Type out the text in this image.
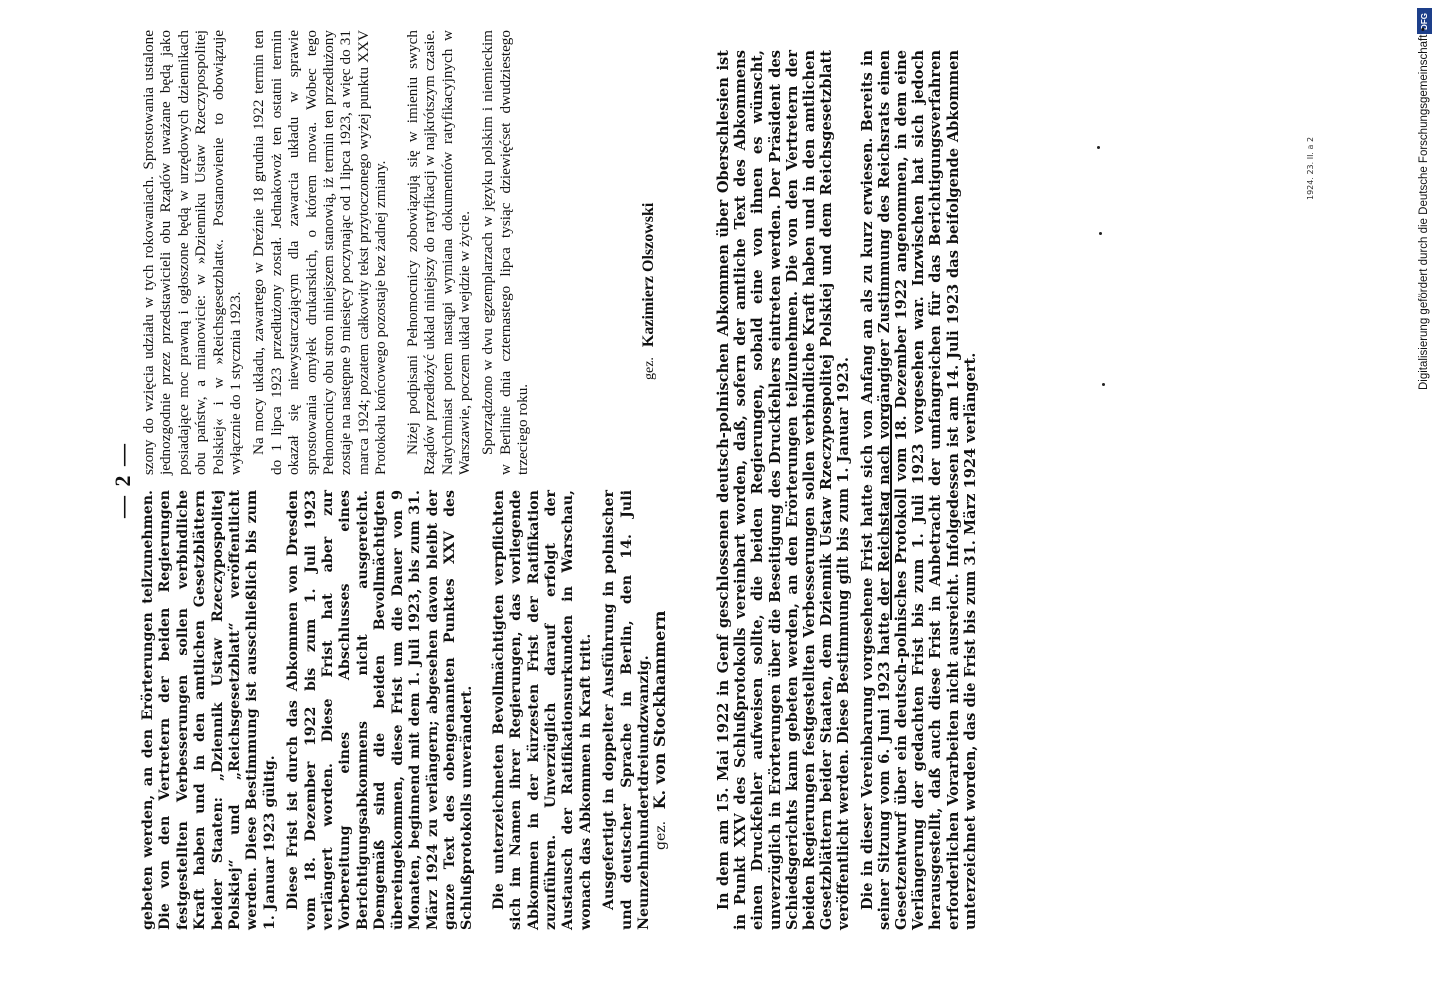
— 2 —

gebeten werden, an den Erörterungen teilzunehmen. Die von den Vertretern der beiden Regierungen festgestellten Verbesserungen sollen verbindliche Kraft haben und in den amtlichen Gesetzblättern beider Staaten: „Dziennik Ustaw Rzeczypospolitej Polskiej“ und „Reichsgesetzblatt“ veröffentlicht werden. Diese Bestimmung ist ausschließlich bis zum 1. Januar 1923 gültig. Diese Frist ist durch das Abkommen von Dresden vom 18. Dezember 1922 bis zum 1. Juli 1923 verlängert worden. Diese Frist hat aber zur Vorbereitung eines Abschlusses eines Berichtigungsabkommens nicht ausgereicht. Demgemäß sind die beiden Bevollmächtigten übereingekommen, diese Frist um die Dauer von 9 Monaten, beginnend mit dem 1. Juli 1923, bis zum 31. März 1924 zu verlängern; abgesehen davon bleibt der ganze Text des obengenannten Punktes XXV des Schlußprotokolls unverändert. Die unterzeichneten Bevollmächtigten verpflichten sich im Namen ihrer Regierungen, das vorliegende Abkommen in der kürzesten Frist der Ratifikation zuzuführen. Unverzüglich darauf erfolgt der Austausch der Ratifikationsurkunden in Warschau, wonach das Abkommen in Kraft tritt. Ausgefertigt in doppelter Ausführung in polnischer und deutscher Sprache in Berlin, den 14. Juli Neunzehnhundertdreiundzwanzig.

szony do wzięcia udziału w tych rokowaniach. Sprostowania ustalone jednozgodnie przez przedstawicieli obu Rządów uważane będą jako posiadające moc prawną i ogłoszone będą w urzędowych dziennikach obu państw, a mianowicie: w »Dzienniku Ustaw Rzeczypospolitej Polskiej« i w »Reichsgesetzblatt«. Postanowienie to obowiązuje wyłącznie do 1 stycznia 1923. Na mocy układu, zawartego w Dreźnie 18 grudnia 1922 termin ten do 1 lipca 1923 przedłużony został. Jednakowoż ten ostatni termin okazał się niewystarczającym dla zawarcia układu w sprawie sprostowania omyłek drukarskich, o którem mowa. Wobec tego Pełnomocnicy obu stron niniejszem stanowią, iż termin ten przedłużony zostaje na następne 9 miesięcy poczynając od 1 lipca 1923, a więc do 31 marca 1924; pozatem całkowity tekst przytoczonego wyżej punktu XXV Protokołu końcowego pozostaje bez żadnej zmiany. Niżej podpisani Pełnomocnicy zobowiązują się w imieniu swych Rządów przedłożyć układ niniejszy do ratyfikacji w najkrótszym czasie. Natychmiast potem nastąpi wymiana dokumentów ratyfikacyjnych w Warszawie, poczem układ wejdzie w życie. Sporządzono w dwu egzemplarzach w języku polskim i niemieckim w Berlinie dnia czternastego lipca tysiąc dziewięćset dwudziestego trzeciego roku.

gez. K. von Stockhammern
gez. Kazimierz Olszowski	In dem am 15. Mai 1922 in Genf geschlossenen deutsch-polnischen Abkommen über Oberschlesien ist in Punkt XXV des Schlußprotokolls vereinbart worden, daß, sofern der amtliche Text des Abkommens einen Druckfehler aufweisen sollte, die beiden Regierungen, sobald eine von ihnen es wünscht, unverzüglich in Erörterungen über die Beseitigung des Druckfehlers eintreten werden. Der Präsident des Schiedsgerichts kann gebeten werden, an den Erörterungen teilzunehmen. Die von den Vertretern der beiden Regierungen festgestellten Verbesserungen sollen verbindliche Kraft haben und in den amtlichen Gesetzblättern beider Staaten, dem Dziennik Ustaw Rzeczypospolitej Polskiej und dem Reichsgesetzblatt veröffentlicht werden. Diese Bestimmung gilt bis zum 1. Januar 1923. Die in dieser Vereinbarung vorgesehene Frist hatte sich von Anfang an als zu kurz erwiesen. Bereits in seiner Sitzung vom 6. Juni 1923 hatte der Reichstag nach vorgängiger Zustimmung des Reichsrats einen Gesetzentwurf über ein deutsch-polnisches Protokoll vom 18. Dezember 1922 angenommen, in dem eine Verlängerung der gedachten Frist bis zum 1. Juli 1923 vorgesehen war. Inzwischen hat sich jedoch herausgestellt, daß auch diese Frist in Anbetracht der umfangreichen für das Berichtigungsverfahren erforderlichen Vorarbeiten nicht ausreicht. Infolgedessen ist am 14. Juli 1923 das beifolgende Abkommen unterzeichnet worden, das die Frist bis zum 31. März 1924 verlängert.

1924. 23. II. a 2
DFG
Digitalisierung gefördert durch die Deutsche Forschungsgemeinschaft •
